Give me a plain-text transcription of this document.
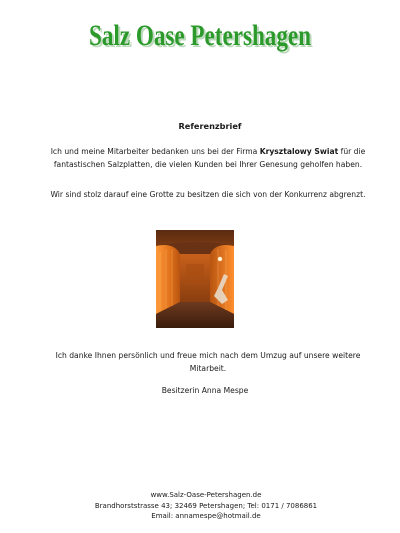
Salz Oase Petershagen
Salz Oase Petershagen
Referenzbrief
Ich und meine Mitarbeiter bedanken uns bei der Firma Krysztalowy Swiat für die fantastischen Salzplatten, die vielen Kunden bei Ihrer Genesung geholfen haben.
Wir sind stolz darauf eine Grotte zu besitzen die sich von der Konkurrenz abgrenzt.
Ich danke Ihnen persönlich und freue mich nach dem Umzug auf unsere weitere Mitarbeit.
Besitzerin Anna Mespe
www.Salz-Oase-Petershagen.de
Brandhorststrasse 43; 32469 Petershagen; Tel: 0171 / 7086861
Email: annamespe@hotmail.de
